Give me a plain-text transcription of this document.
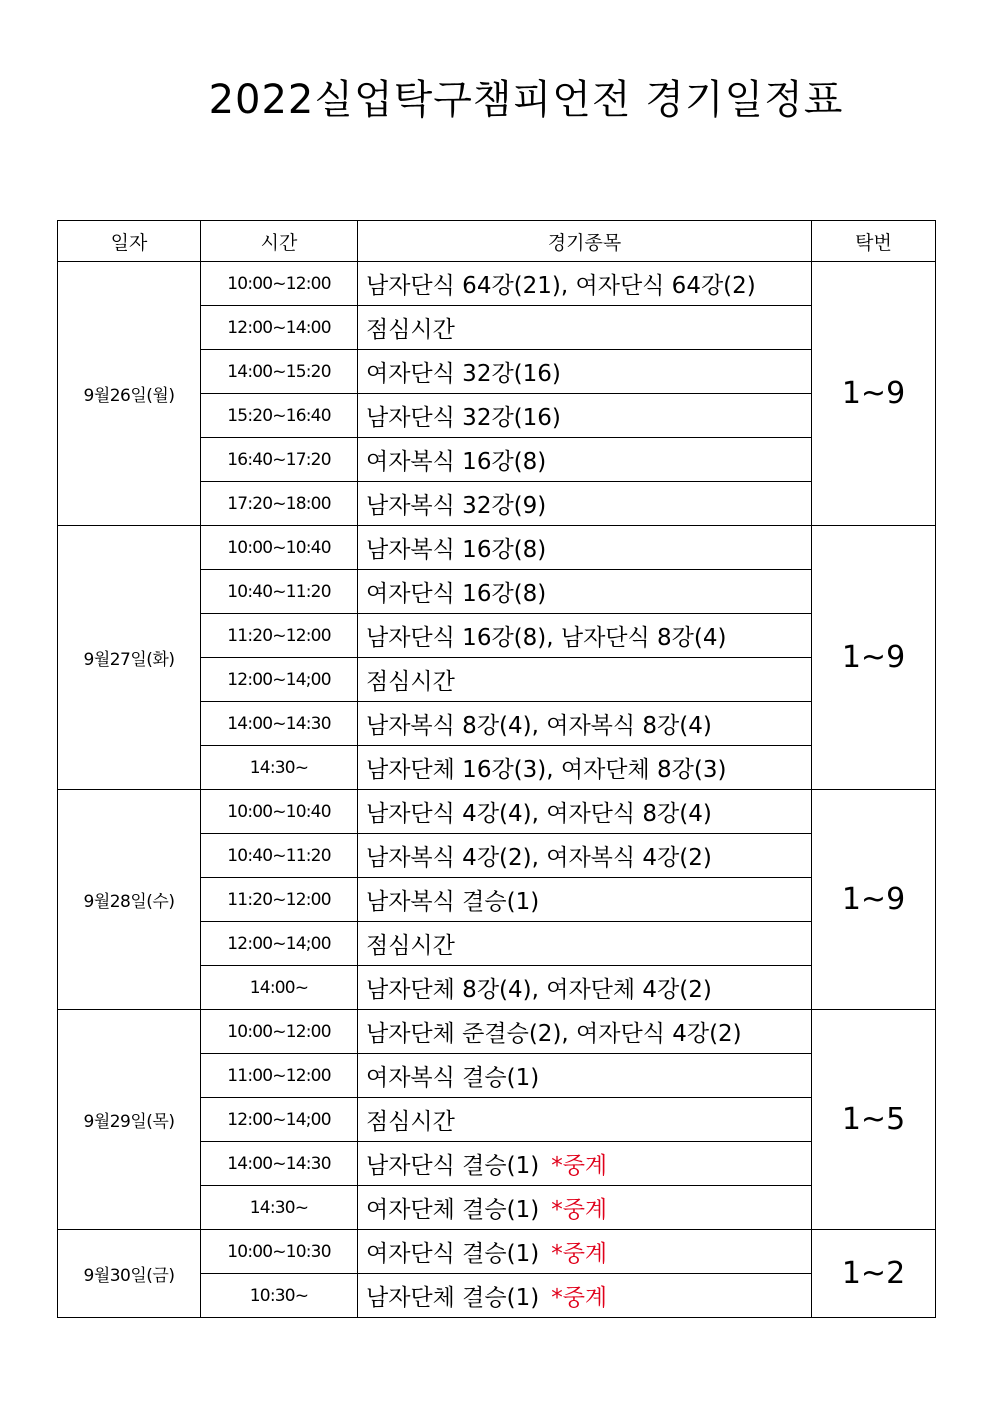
2022실업탁구챔피언전 경기일정표
일자	시간	경기종목	탁번
9월26일(월)	10:00~12:00	남자단식 64강(21), 여자단식 64강(2)	1~9
	12:00~14:00	점심시간	
	14:00~15:20	여자단식 32강(16)	
	15:20~16:40	남자단식 32강(16)	
	16:40~17:20	여자복식 16강(8)	
	17:20~18:00	남자복식 32강(9)	
9월27일(화)	10:00~10:40	남자복식 16강(8)	1~9
	10:40~11:20	여자단식 16강(8)	
	11:20~12:00	남자단식 16강(8), 남자단식 8강(4)	
	12:00~14;00	점심시간	
	14:00~14:30	남자복식 8강(4), 여자복식 8강(4)	
	14:30~	남자단체 16강(3), 여자단체 8강(3)	
9월28일(수)	10:00~10:40	남자단식 4강(4), 여자단식 8강(4)	1~9
	10:40~11:20	남자복식 4강(2), 여자복식 4강(2)	
	11:20~12:00	남자복식 결승(1)	
	12:00~14;00	점심시간	
	14:00~	남자단체 8강(4), 여자단체 4강(2)	
9월29일(목)	10:00~12:00	남자단체 준결승(2), 여자단식 4강(2)	1~5
	11:00~12:00	여자복식 결승(1)	
	12:00~14;00	점심시간	
	14:00~14:30	남자단식 결승(1) *중계	
	14:30~	여자단체 결승(1) *중계	
9월30일(금)	10:00~10:30	여자단식 결승(1) *중계	1~2
	10:30~	남자단체 결승(1) *중계	
